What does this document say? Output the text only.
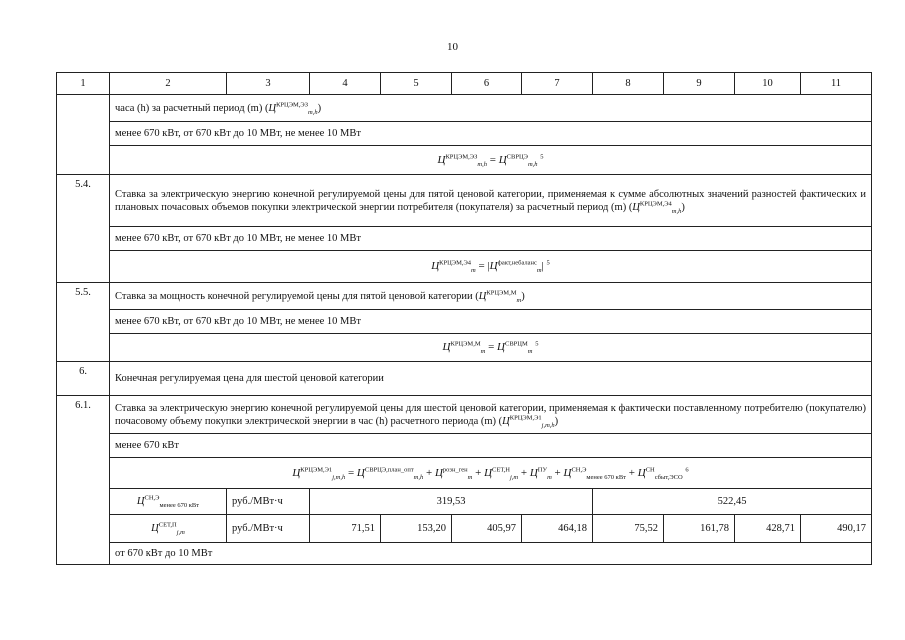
10
1	2	3	4	5	6	7	8	9	10	11
	часа (h) за расчетный период (m) $(Ц^{КРЦЭМ,ЭЗ}_{m,h})$									
	менее 670 кВт, от 670 кВт до 10 МВт, не менее 10 МВт									
	$Ц^{КРЦЭМ,ЭЗ}_{m,h} = Ц^{СВРЦЭ}_{m,h}$ $^5$
5.4.	Ставка за электрическую энергию конечной регулируемой цены для пятой ценовой категории, применяемая к сумме абсолютных значений разностей фактических и плановых почасовых объемов покупки электрической энергии потребителя (покупателя) за расчетный период (m) $(Ц^{КРЦЭМ,Э4}_{m,h})$									
	менее 670 кВт, от 670 кВт до 10 МВт, не менее 10 МВт									
	$Ц^{КРЦЭМ,Э4}_m = |Ц^{факт,небаланс}_m|$ $^5$
5.5.	Ставка за мощность конечной регулируемой цены для пятой ценовой категории $(Ц^{КРЦЭМ,М}_m)$									
	менее 670 кВт, от 670 кВт до 10 МВт, не менее 10 МВт									
	$Ц^{КРЦЭМ,М}_m = Ц^{СВРЦМ}_m$ $^5$
6.	Конечная регулируемая цена для шестой ценовой категории									
6.1.	Ставка за электрическую энергию конечной регулируемой цены для шестой ценовой категории, применяемая к фактически поставленному потребителю (покупателю) почасовому объему покупки электрической энергии в час (h) расчетного периода (m) $(Ц^{КРЦЭМ,Э1}_{j,m,h})$									
	менее 670 кВт									
	$Ц^{КРЦЭМ,Э1}_{j,m,h} = Ц^{СВРЦЭ,план\_опт}_{m,h} + Ц^{розн\_ген}_m + Ц^{СЕТ,Н}_{j,m} + Ц^{ПУ}_m + Ц^{СН,Э}_{менее 670 кВт} + Ц^{СН}_{сбыт,ЭСО}$ $^6$
	$Ц^{СН,Э}_{менее 670 кВт}$	руб./МВт·ч	319,53				522,45			
	$Ц^{СЕТ,П}_{j,m}$	руб./МВт·ч	71,51	153,20	405,97	464,18	75,52	161,78	428,71	490,17
	от 670 кВт до 10 МВт									
